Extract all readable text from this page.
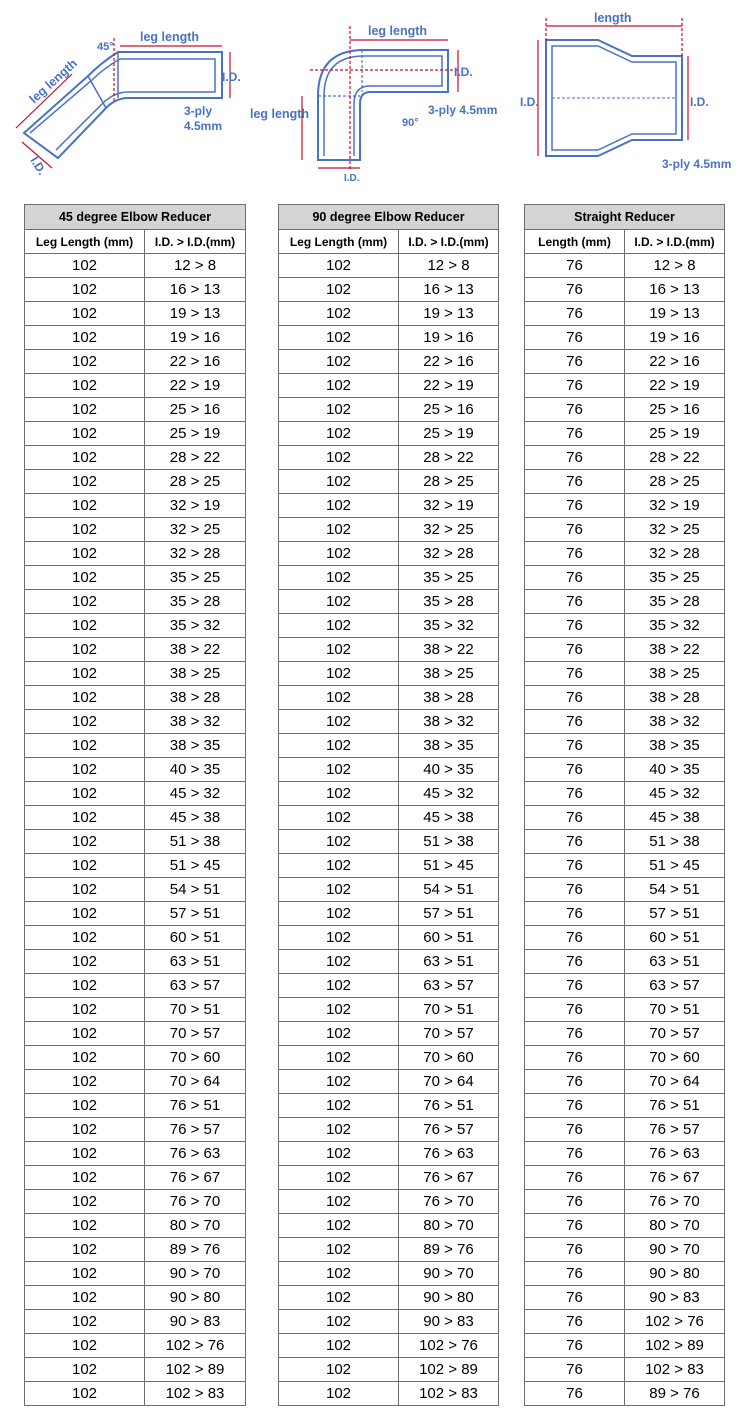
leg length
45°
I.D.
3-ply
4.5mm
leg length
I.D.
leg length
leg length
I.D.
3-ply 4.5mm
90°
I.D.
length
I.D.	I.D.
3-ply 4.5mm
45 degree Elbow Reducer	
Leg Length (mm)	I.D. > I.D.(mm)
102	12 > 8
102	16 > 13
102	19 > 13
102	19 > 16
102	22 > 16
102	22 > 19
102	25 > 16
102	25 > 19
102	28 > 22
102	28 > 25
102	32 > 19
102	32 > 25
102	32 > 28
102	35 > 25
102	35 > 28
102	35 > 32
102	38 > 22
102	38 > 25
102	38 > 28
102	38 > 32
102	38 > 35
102	40 > 35
102	45 > 32
102	45 > 38
102	51 > 38
102	51 > 45
102	54 > 51
102	57 > 51
102	60 > 51
102	63 > 51
102	63 > 57
102	70 > 51
102	70 > 57
102	70 > 60
102	70 > 64
102	76 > 51
102	76 > 57
102	76 > 63
102	76 > 67
102	76 > 70
102	80 > 70
102	89 > 76
102	90 > 70
102	90 > 80
102	90 > 83
102	102 > 76
102	102 > 89
102	102 > 83
90 degree Elbow Reducer	
Leg Length (mm)	I.D. > I.D.(mm)
102	12 > 8
102	16 > 13
102	19 > 13
102	19 > 16
102	22 > 16
102	22 > 19
102	25 > 16
102	25 > 19
102	28 > 22
102	28 > 25
102	32 > 19
102	32 > 25
102	32 > 28
102	35 > 25
102	35 > 28
102	35 > 32
102	38 > 22
102	38 > 25
102	38 > 28
102	38 > 32
102	38 > 35
102	40 > 35
102	45 > 32
102	45 > 38
102	51 > 38
102	51 > 45
102	54 > 51
102	57 > 51
102	60 > 51
102	63 > 51
102	63 > 57
102	70 > 51
102	70 > 57
102	70 > 60
102	70 > 64
102	76 > 51
102	76 > 57
102	76 > 63
102	76 > 67
102	76 > 70
102	80 > 70
102	89 > 76
102	90 > 70
102	90 > 80
102	90 > 83
102	102 > 76
102	102 > 89
102	102 > 83
Straight Reducer	
Length (mm)	I.D. > I.D.(mm)
76	12 > 8
76	16 > 13
76	19 > 13
76	19 > 16
76	22 > 16
76	22 > 19
76	25 > 16
76	25 > 19
76	28 > 22
76	28 > 25
76	32 > 19
76	32 > 25
76	32 > 28
76	35 > 25
76	35 > 28
76	35 > 32
76	38 > 22
76	38 > 25
76	38 > 28
76	38 > 32
76	38 > 35
76	40 > 35
76	45 > 32
76	45 > 38
76	51 > 38
76	51 > 45
76	54 > 51
76	57 > 51
76	60 > 51
76	63 > 51
76	63 > 57
76	70 > 51
76	70 > 57
76	70 > 60
76	70 > 64
76	76 > 51
76	76 > 57
76	76 > 63
76	76 > 67
76	76 > 70
76	80 > 70
76	90 > 70
76	90 > 80
76	90 > 83
76	102 > 76
76	102 > 89
76	102 > 83
76	89 > 76
